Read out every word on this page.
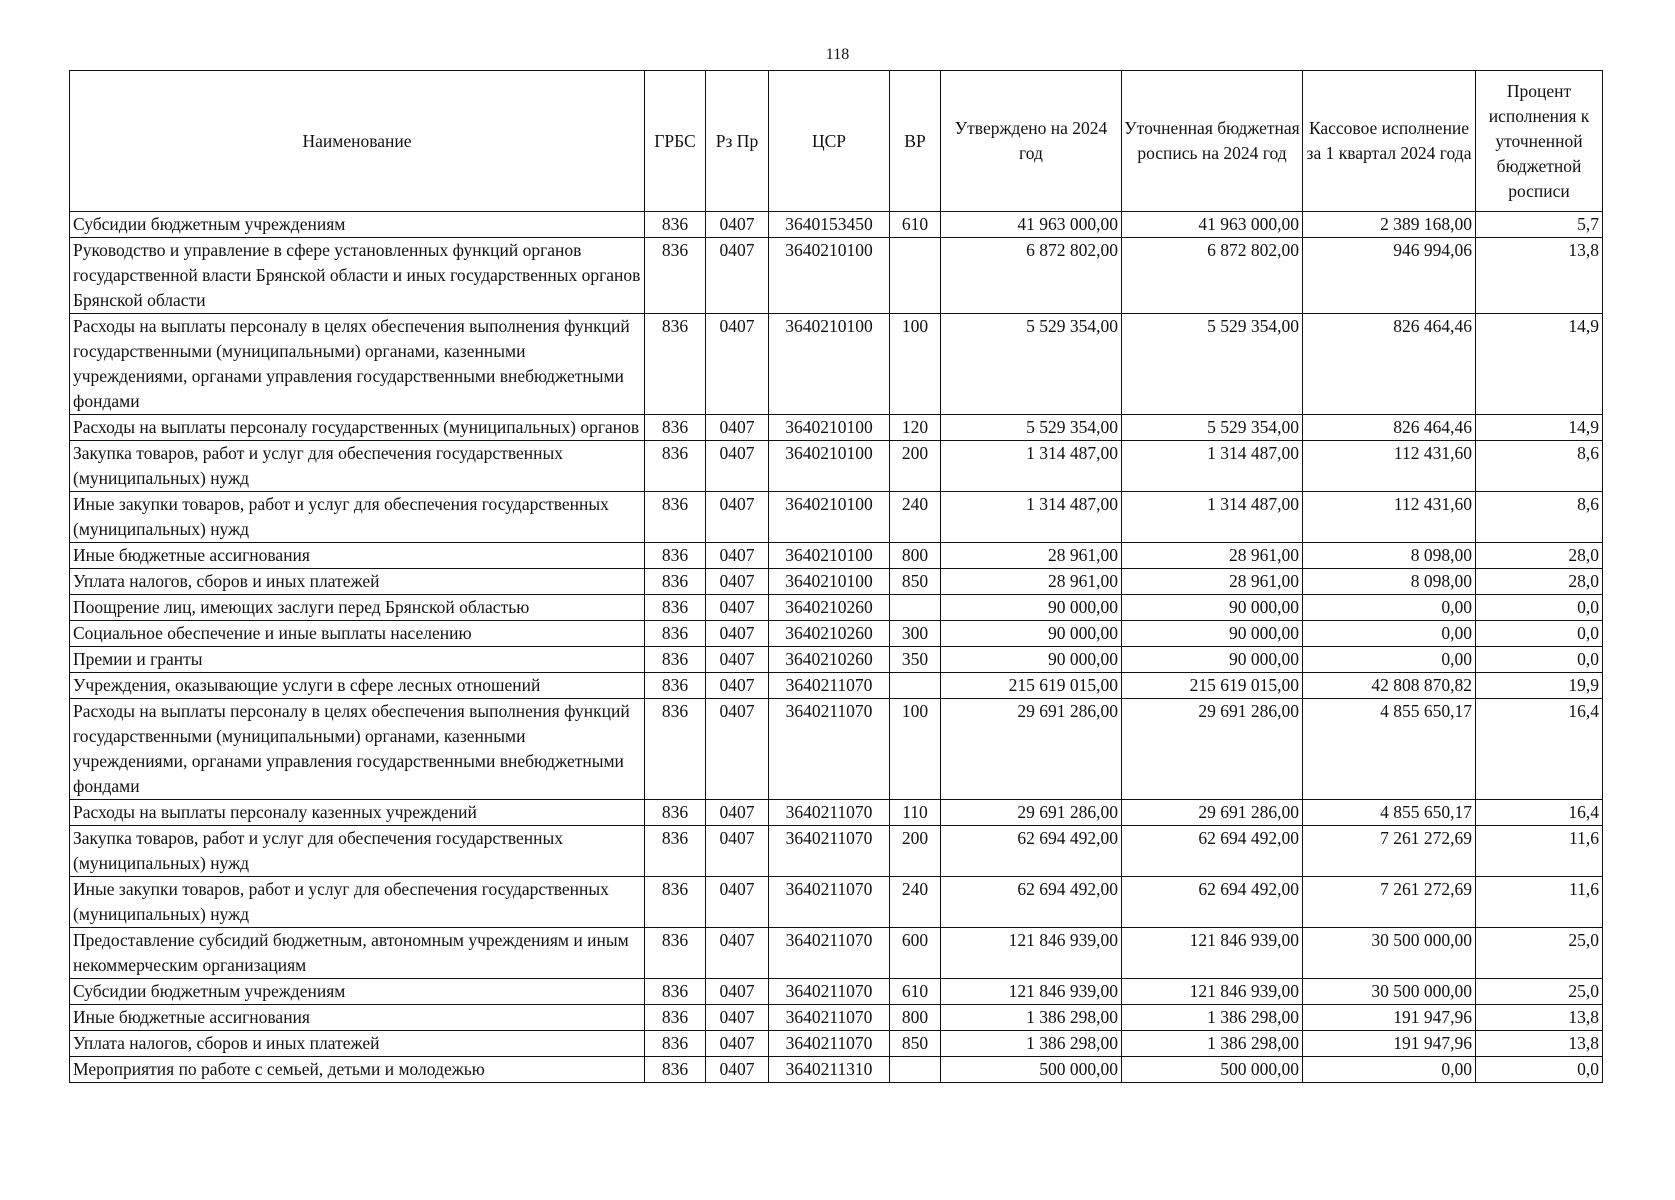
118
Наименование	ГРБС	Рз Пр	ЦСР	ВР	Утверждено на 2024 год	Уточненная бюджетная роспись на 2024 год	Кассовое исполнение за 1 квартал 2024 года	Процент исполнения к уточненной бюджетной росписи
Субсидии бюджетным учреждениям	836	0407	3640153450	610	41 963 000,00	41 963 000,00	2 389 168,00	5,7
Руководство и управление в сфере установленных функций органов государственной власти Брянской области и иных государственных органов Брянской области	836	0407	3640210100		6 872 802,00	6 872 802,00	946 994,06	13,8
Расходы на выплаты персоналу в целях обеспечения выполнения функций государственными (муниципальными) органами, казенными учреждениями, органами управления государственными внебюджетными фондами	836	0407	3640210100	100	5 529 354,00	5 529 354,00	826 464,46	14,9
Расходы на выплаты персоналу государственных (муниципальных) органов	836	0407	3640210100	120	5 529 354,00	5 529 354,00	826 464,46	14,9
Закупка товаров, работ и услуг для обеспечения государственных (муниципальных) нужд	836	0407	3640210100	200	1 314 487,00	1 314 487,00	112 431,60	8,6
Иные закупки товаров, работ и услуг для обеспечения государственных (муниципальных) нужд	836	0407	3640210100	240	1 314 487,00	1 314 487,00	112 431,60	8,6
Иные бюджетные ассигнования	836	0407	3640210100	800	28 961,00	28 961,00	8 098,00	28,0
Уплата налогов, сборов и иных платежей	836	0407	3640210100	850	28 961,00	28 961,00	8 098,00	28,0
Поощрение лиц, имеющих заслуги перед Брянской областью	836	0407	3640210260		90 000,00	90 000,00	0,00	0,0
Социальное обеспечение и иные выплаты населению	836	0407	3640210260	300	90 000,00	90 000,00	0,00	0,0
Премии и гранты	836	0407	3640210260	350	90 000,00	90 000,00	0,00	0,0
Учреждения, оказывающие услуги в сфере лесных отношений	836	0407	3640211070		215 619 015,00	215 619 015,00	42 808 870,82	19,9
Расходы на выплаты персоналу в целях обеспечения выполнения функций государственными (муниципальными) органами, казенными учреждениями, органами управления государственными внебюджетными фондами	836	0407	3640211070	100	29 691 286,00	29 691 286,00	4 855 650,17	16,4
Расходы на выплаты персоналу казенных учреждений	836	0407	3640211070	110	29 691 286,00	29 691 286,00	4 855 650,17	16,4
Закупка товаров, работ и услуг для обеспечения государственных (муниципальных) нужд	836	0407	3640211070	200	62 694 492,00	62 694 492,00	7 261 272,69	11,6
Иные закупки товаров, работ и услуг для обеспечения государственных (муниципальных) нужд	836	0407	3640211070	240	62 694 492,00	62 694 492,00	7 261 272,69	11,6
Предоставление субсидий бюджетным, автономным учреждениям и иным некоммерческим организациям	836	0407	3640211070	600	121 846 939,00	121 846 939,00	30 500 000,00	25,0
Субсидии бюджетным учреждениям	836	0407	3640211070	610	121 846 939,00	121 846 939,00	30 500 000,00	25,0
Иные бюджетные ассигнования	836	0407	3640211070	800	1 386 298,00	1 386 298,00	191 947,96	13,8
Уплата налогов, сборов и иных платежей	836	0407	3640211070	850	1 386 298,00	1 386 298,00	191 947,96	13,8
Мероприятия по работе с семьей, детьми и молодежью	836	0407	3640211310		500 000,00	500 000,00	0,00	0,0
